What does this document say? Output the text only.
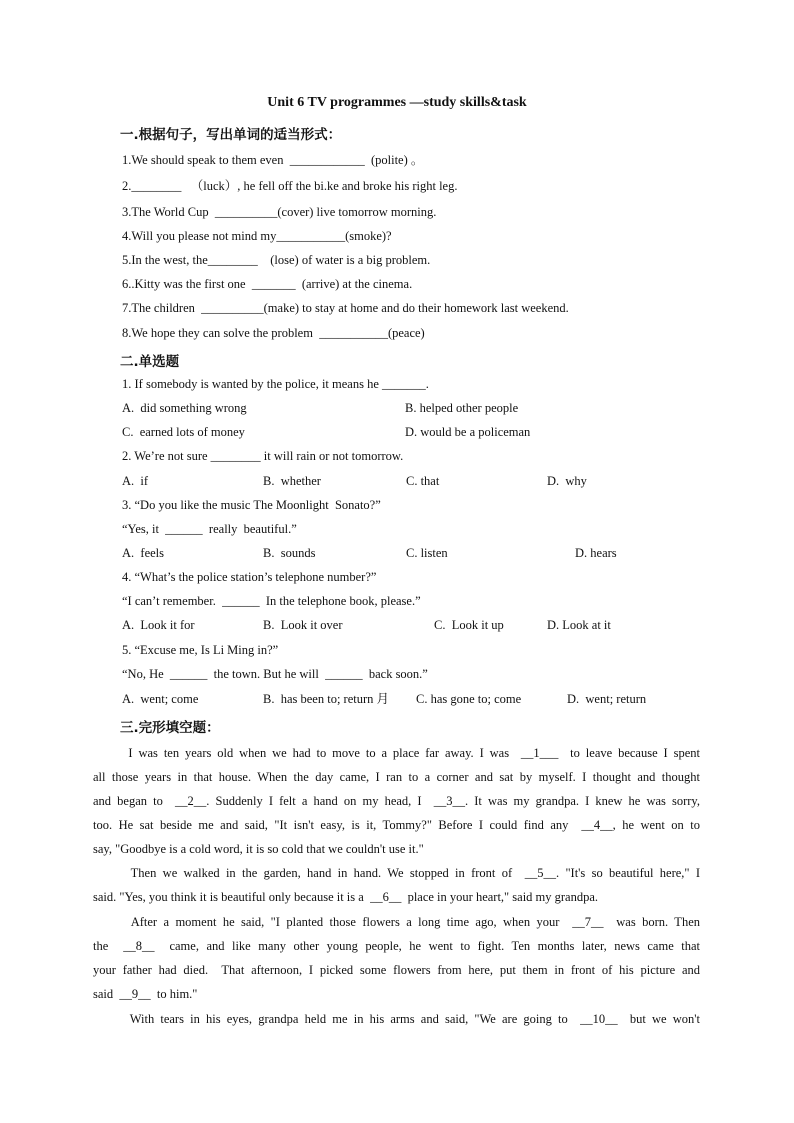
Unit 6 TV programmes —study skills&task
一.根据句子，写出单词的适当形式：
1.We should speak to them even  ____________  (polite) 。
2.________   （luck）, he fell off the bi.ke and broke his right leg.
3.The World Cup  __________(cover) live tomorrow morning.
4.Will you please not mind my___________(smoke)?
5.In the west, the________    (lose) of water is a big problem.
6..Kitty was the first one  _______  (arrive) at the cinema.
7.The children  __________(make) to stay at home and do their homework last weekend.
8.We hope they can solve the problem  ___________(peace)
二.单选题
1. If somebody is wanted by the police, it means he _______.
A.  did something wrong	B. helped other people
C.  earned lots of money	D. would be a policeman
2. We’re not sure ________ it will rain or not tomorrow.
A.  if	B.  whether	C. that	D.  why
3. “Do you like the music The Moonlight  Sonato?”
“Yes, it  ______  really  beautiful.”
A.  feels	B.  sounds	C. listen	D. hears
4. “What’s the police station’s telephone number?”
“I can’t remember.  ______  In the telephone book, please.”
A.  Look it for	B.  Look it over	C.  Look it up	D. Look at it
5. “Excuse me, Is Li Ming in?”
“No, He  ______  the town. But he will  ______  back soon.”
A.  went; come	B.  has been to; return 月 C. has gone to; come	D.  went; return
三.完形填空题：
I was ten years old when we had to move to a place far away. I was  __1___  to leave because I spent
all those years in that house. When the day came, I ran to a corner and sat by myself. I thought and thought
and began to  __2__. Suddenly I felt a hand on my head, I  __3__. It was my grandpa. I knew he was sorry,
too. He sat beside me and said, "It isn't easy, is it, Tommy?" Before I could find any  __4__, he went on to
say, "Goodbye is a cold word, it is so cold that we couldn't use it."
Then we walked in the garden, hand in hand. We stopped in front of  __5__. "It's so beautiful here," I
said. "Yes, you think it is beautiful only because it is a  __6__  place in your heart," said my grandpa.
After a moment he said, "I planted those flowers a long time ago, when your  __7__  was born. Then
the  __8__  came, and like many other young people, he went to fight. Ten months later, news came that
your father had died.  That afternoon, I picked some flowers from here, put them in front of his picture and
said  __9__  to him."
With tears in his eyes, grandpa held me in his arms and said, "We are going to  __10__  but we won't
